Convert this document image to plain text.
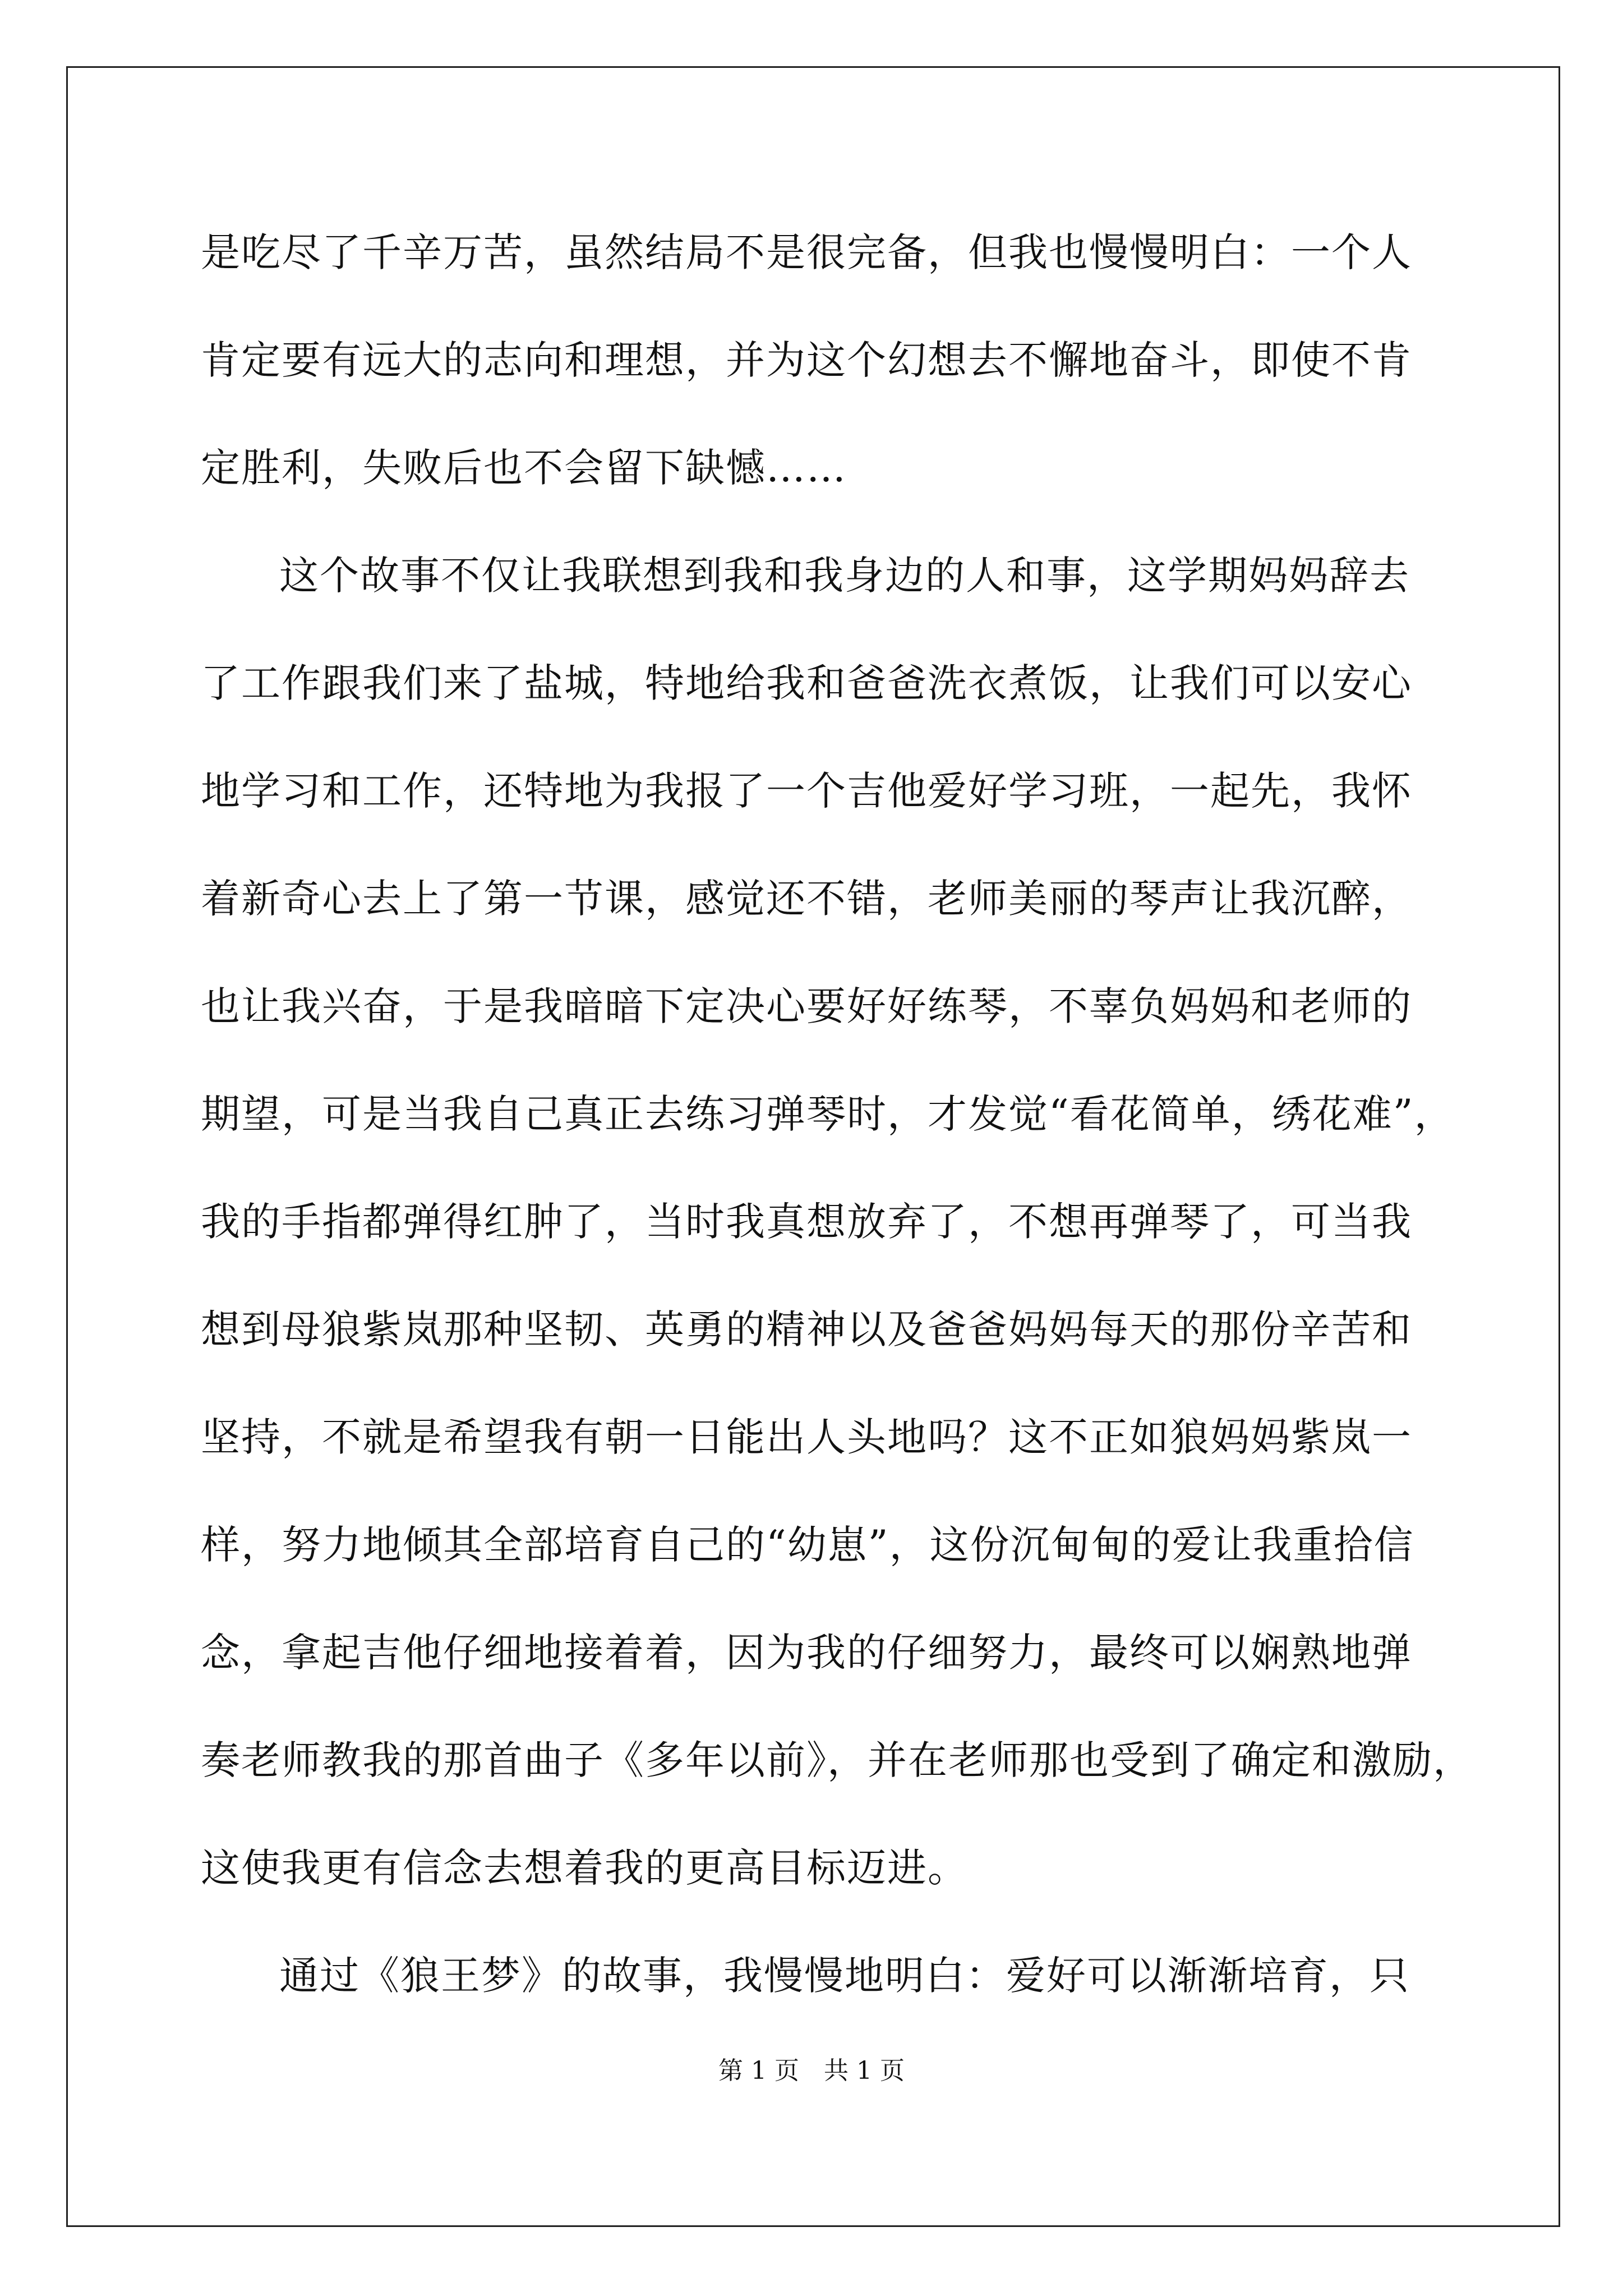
是吃尽了千辛万苦，虽然结局不是很完备，但我也慢慢明白：一个人
肯定要有远大的志向和理想，并为这个幻想去不懈地奋斗，即使不肯
定胜利，失败后也不会留下缺憾……
这个故事不仅让我联想到我和我身边的人和事，这学期妈妈辞去
了工作跟我们来了盐城，特地给我和爸爸洗衣煮饭，让我们可以安心
地学习和工作，还特地为我报了一个吉他爱好学习班，一起先，我怀
着新奇心去上了第一节课，感觉还不错，老师美丽的琴声让我沉醉，
也让我兴奋，于是我暗暗下定决心要好好练琴，不辜负妈妈和老师的
期望，可是当我自己真正去练习弹琴时，才发觉“看花简单，绣花难”，
我的手指都弹得红肿了，当时我真想放弃了，不想再弹琴了，可当我
想到母狼紫岚那种坚韧、英勇的精神以及爸爸妈妈每天的那份辛苦和
坚持，不就是希望我有朝一日能出人头地吗？这不正如狼妈妈紫岚一
样，努力地倾其全部培育自己的“幼崽”，这份沉甸甸的爱让我重拾信
念，拿起吉他仔细地接着着，因为我的仔细努力，最终可以娴熟地弹
奏老师教我的那首曲子《多年以前》，并在老师那也受到了确定和激励，
这使我更有信念去想着我的更高目标迈进。
通过《狼王梦》的故事，我慢慢地明白：爱好可以渐渐培育，只
第 1 页　共 1 页
